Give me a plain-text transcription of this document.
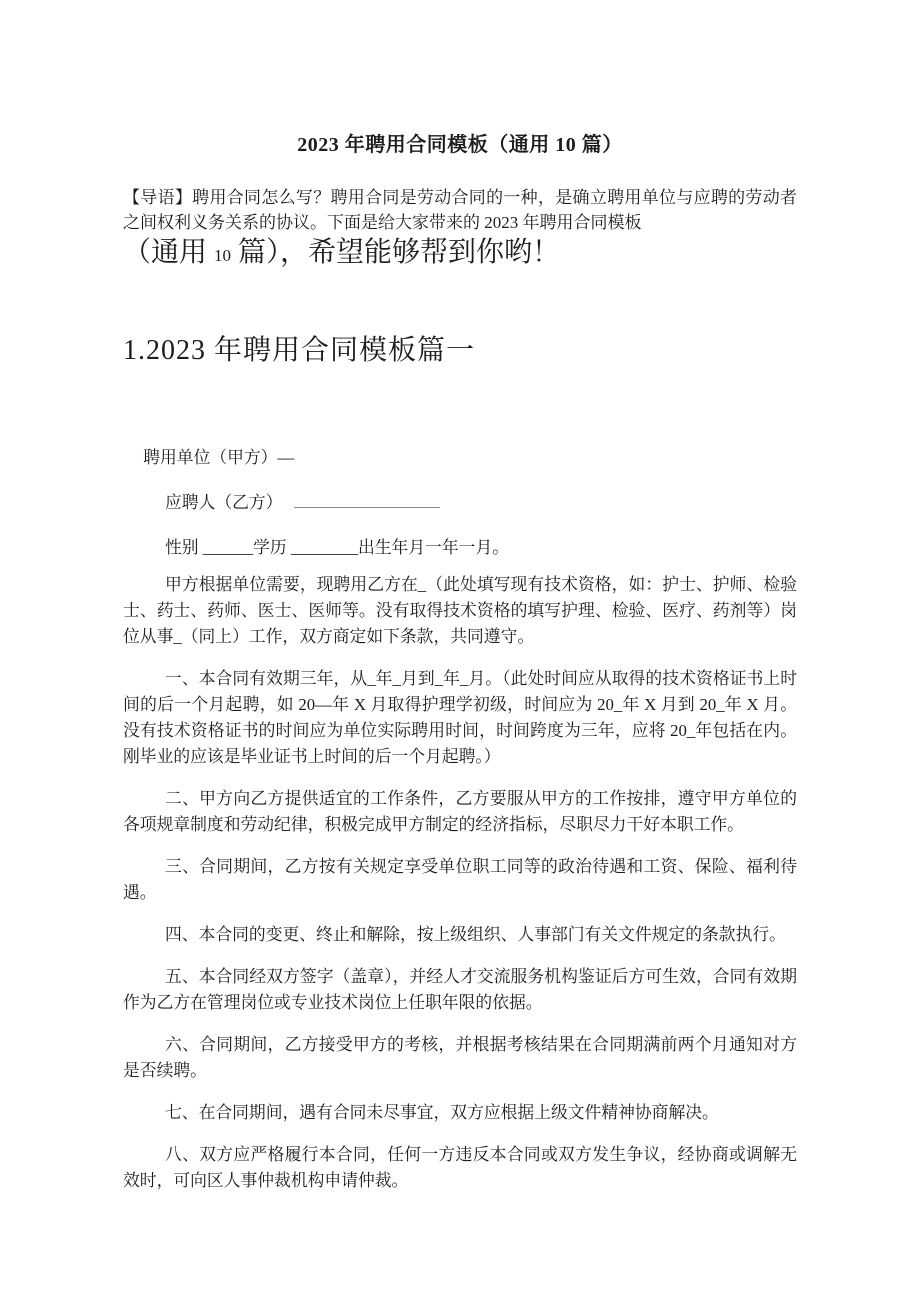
2023 年聘用合同模板（通用 10 篇）

【导语】聘用合同怎么写？聘用合同是劳动合同的一种，是确立聘用单位与应聘的劳动者之间权利义务关系的协议。下面是给大家带来的 2023 年聘用合同模板

（通用 10 篇），希望能够帮到你哟！

1.2023 年聘用合同模板篇一

聘用单位（甲方）—

应聘人（乙方）

性别 ______学历 ________出生年月一年一月。

甲方根据单位需要，现聘用乙方在_（此处填写现有技术资格，如：护士、护师、检验士、药士、药师、医士、医师等。没有取得技术资格的填写护理、检验、医疗、药剂等）岗位从事_（同上）工作，双方商定如下条款，共同遵守。

一、本合同有效期三年，从_年_月到_年_月。（此处时间应从取得的技术资格证书上时间的后一个月起聘，如 20—年 X 月取得护理学初级，时间应为 20_年 X 月到 20_年 X 月。没有技术资格证书的时间应为单位实际聘用时间，时间跨度为三年，应将 20_年包括在内。刚毕业的应该是毕业证书上时间的后一个月起聘。）

二、甲方向乙方提供适宜的工作条件，乙方要服从甲方的工作按排，遵守甲方单位的各项规章制度和劳动纪律，积极完成甲方制定的经济指标，尽职尽力干好本职工作。

三、合同期间，乙方按有关规定享受单位职工同等的政治待遇和工资、保险、福利待遇。

四、本合同的变更、终止和解除，按上级组织、人事部门有关文件规定的条款执行。

五、本合同经双方签字（盖章），并经人才交流服务机构鉴证后方可生效，合同有效期作为乙方在管理岗位或专业技术岗位上任职年限的依据。

六、合同期间，乙方接受甲方的考核，并根据考核结果在合同期满前两个月通知对方是否续聘。

七、在合同期间，遇有合同未尽事宜，双方应根据上级文件精神协商解决。

八、双方应严格履行本合同，任何一方违反本合同或双方发生争议，经协商或调解无效时，可向区人事仲裁机构申请仲裁。
